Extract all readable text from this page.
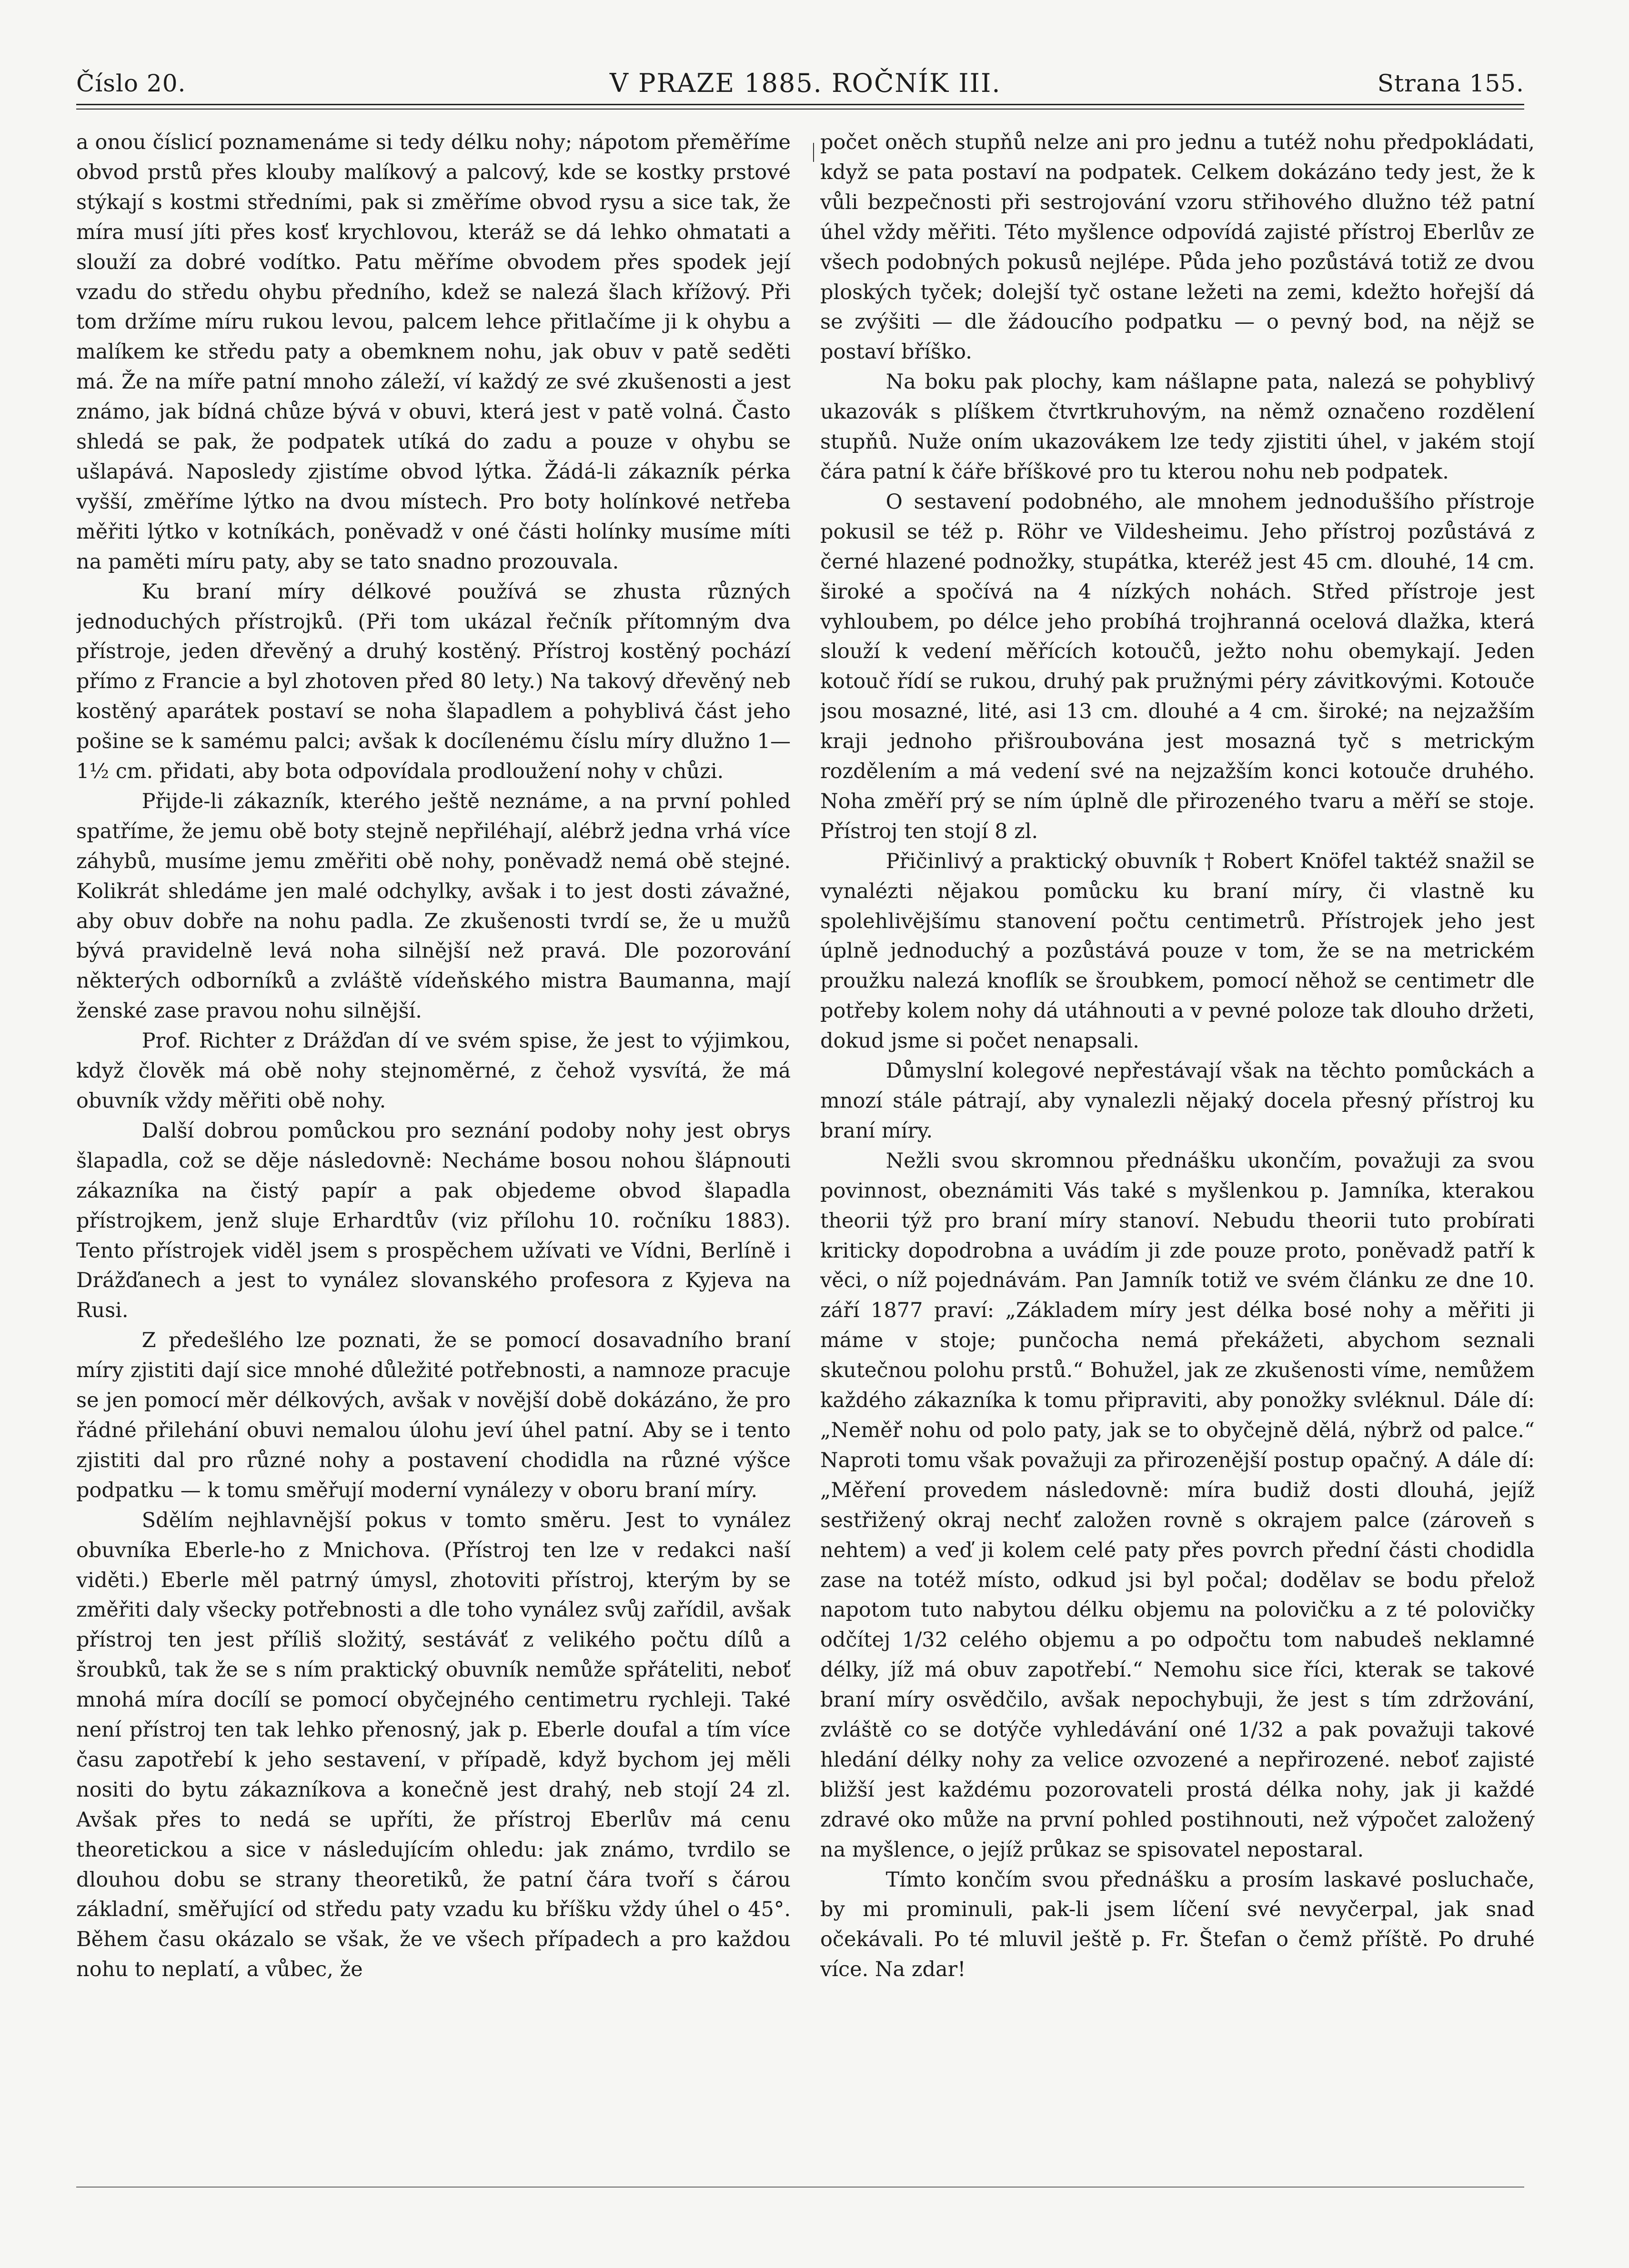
Číslo 20.	V PRAZE 1885. ROČNÍK III.	Strana 155.

a onou číslicí poznamenáme si tedy délku nohy; nápotom přeměříme obvod prstů přes klouby malíkový a palcový, kde se kostky prstové stýkají s kostmi středními, pak si změříme obvod rysu a sice tak, že míra musí jíti přes kosť krychlovou, kteráž se dá lehko ohmatati a slouží za dobré vodítko. Patu měříme obvodem přes spodek její vzadu do středu ohybu předního, kdež se nalezá šlach křížový. Při tom držíme míru rukou levou, palcem lehce přitlačíme ji k ohybu a malíkem ke středu paty a obemknem nohu, jak obuv v patě seděti má. Že na míře patní mnoho záleží, ví každý ze své zkušenosti a jest známo, jak bídná chůze bývá v obuvi, která jest v patě volná. Často shledá se pak, že podpatek utíká do zadu a pouze v ohybu se ušlapává. Naposledy zjistíme obvod lýtka. Žádá-li zákazník pérka vyšší, změříme lýtko na dvou místech. Pro boty holínkové netřeba měřiti lýtko v kotníkách, poněvadž v oné části holínky musíme míti na paměti míru paty, aby se tato snadno prozouvala.

Ku braní míry délkové používá se zhusta různých jednoduchých přístrojků. (Při tom ukázal řečník přítomným dva přístroje, jeden dřevěný a druhý kostěný. Přístroj kostěný pochází přímo z Francie a byl zhotoven před 80 lety.) Na takový dřevěný neb kostěný aparátek postaví se noha šlapadlem a pohyblivá část jeho pošine se k samému palci; avšak k docílenému číslu míry dlužno 1—1½ cm. přidati, aby bota odpovídala prodloužení nohy v chůzi.

Přijde-li zákazník, kterého ještě neznáme, a na první pohled spatříme, že jemu obě boty stejně nepřiléhají, alébrž jedna vrhá více záhybů, musíme jemu změřiti obě nohy, poněvadž nemá obě stejné. Kolikrát shledáme jen malé odchylky, avšak i to jest dosti závažné, aby obuv dobře na nohu padla. Ze zkušenosti tvrdí se, že u mužů bývá pravidelně levá noha silnější než pravá. Dle pozorování některých odborníků a zvláště vídeňského mistra Baumanna, mají ženské zase pravou nohu silnější.

Prof. Richter z Drážďan dí ve svém spise, že jest to výjimkou, když člověk má obě nohy stejnoměrné, z čehož vysvítá, že má obuvník vždy měřiti obě nohy.

Další dobrou pomůckou pro seznání podoby nohy jest obrys šlapadla, což se děje následovně: Necháme bosou nohou šlápnouti zákazníka na čistý papír a pak objedeme obvod šlapadla přístrojkem, jenž sluje Erhardtův (viz přílohu 10. ročníku 1883). Tento přístrojek viděl jsem s prospěchem užívati ve Vídni, Berlíně i Drážďanech a jest to vynález slovanského profesora z Kyjeva na Rusi.

Z předešlého lze poznati, že se pomocí dosavadního braní míry zjistiti dají sice mnohé důležité potřebnosti, a namnoze pracuje se jen pomocí měr délkových, avšak v novější době dokázáno, že pro řádné přilehání obuvi nemalou úlohu jeví úhel patní. Aby se i tento zjistiti dal pro různé nohy a postavení chodidla na různé výšce podpatku — k tomu směřují moderní vynálezy v oboru braní míry.

Sdělím nejhlavnější pokus v tomto směru. Jest to vynález obuvníka Eberle-ho z Mnichova. (Přístroj ten lze v redakci naší viděti.) Eberle měl patrný úmysl, zhotoviti přístroj, kterým by se změřiti daly všecky potřebnosti a dle toho vynález svůj zařídil, avšak přístroj ten jest příliš složitý, sestáváť z velikého počtu dílů a šroubků, tak že se s ním praktický obuvník nemůže spřáteliti, neboť mnohá míra docílí se pomocí obyčejného centimetru rychleji. Také není přístroj ten tak lehko přenosný, jak p. Eberle doufal a tím více času zapotřebí k jeho sestavení, v případě, když bychom jej měli nositi do bytu zákazníkova a konečně jest drahý, neb stojí 24 zl. Avšak přes to nedá se upříti, že přístroj Eberlův má cenu theoretickou a sice v následujícím ohledu: jak známo, tvrdilo se dlouhou dobu se strany theoretiků, že patní čára tvoří s čárou základní, směřující od středu paty vzadu ku bříšku vždy úhel o 45°. Během času okázalo se však, že ve všech případech a pro každou nohu to neplatí, a vůbec, že

počet oněch stupňů nelze ani pro jednu a tutéž nohu předpokládati, když se pata postaví na podpatek. Celkem dokázáno tedy jest, že k vůli bezpečnosti při sestrojování vzoru střihového dlužno též patní úhel vždy měřiti. Této myšlence odpovídá zajisté přístroj Eberlův ze všech podobných pokusů nejlépe. Půda jeho pozůstává totiž ze dvou ploských tyček; dolejší tyč ostane ležeti na zemi, kdežto hořejší dá se zvýšiti — dle žádoucího podpatku — o pevný bod, na nějž se postaví bříško.

Na boku pak plochy, kam nášlapne pata, nalezá se pohyblivý ukazovák s plíškem čtvrtkruhovým, na němž označeno rozdělení stupňů. Nuže oním ukazovákem lze tedy zjistiti úhel, v jakém stojí čára patní k čáře bříškové pro tu kterou nohu neb podpatek.

O sestavení podobného, ale mnohem jednoduššího přístroje pokusil se též p. Röhr ve Vildesheimu. Jeho přístroj pozůstává z černé hlazené podnožky, stupátka, kteréž jest 45 cm. dlouhé, 14 cm. široké a spočívá na 4 nízkých nohách. Střed přístroje jest vyhloubem, po délce jeho probíhá trojhranná ocelová dlažka, která slouží k vedení měřících kotoučů, ježto nohu obemykají. Jeden kotouč řídí se rukou, druhý pak pružnými péry závitkovými. Kotouče jsou mosazné, lité, asi 13 cm. dlouhé a 4 cm. široké; na nejzažším kraji jednoho přišroubována jest mosazná tyč s metrickým rozdělením a má vedení své na nejzažším konci kotouče druhého. Noha změří prý se ním úplně dle přirozeného tvaru a měří se stoje. Přístroj ten stojí 8 zl.

Přičinlivý a praktický obuvník † Robert Knöfel taktéž snažil se vynalézti nějakou pomůcku ku braní míry, či vlastně ku spolehlivějšímu stanovení počtu centimetrů. Přístrojek jeho jest úplně jednoduchý a pozůstává pouze v tom, že se na metrickém proužku nalezá knoflík se šroubkem, pomocí něhož se centimetr dle potřeby kolem nohy dá utáhnouti a v pevné poloze tak dlouho držeti, dokud jsme si počet nenapsali.

Důmyslní kolegové nepřestávají však na těchto pomůckách a mnozí stále pátrají, aby vynalezli nějaký docela přesný přístroj ku braní míry.

Nežli svou skromnou přednášku ukončím, považuji za svou povinnost, obeznámiti Vás také s myšlenkou p. Jamníka, kterakou theorii týž pro braní míry stanoví. Nebudu theorii tuto probírati kriticky dopodrobna a uvádím ji zde pouze proto, poněvadž patří k věci, o níž pojednávám. Pan Jamník totiž ve svém článku ze dne 10. září 1877 praví: „Základem míry jest délka bosé nohy a měřiti ji máme v stoje; punčocha nemá překážeti, abychom seznali skutečnou polohu prstů.“ Bohužel, jak ze zkušenosti víme, nemůžem každého zákazníka k tomu připraviti, aby ponožky svléknul. Dále dí: „Neměř nohu od polo paty, jak se to obyčejně dělá, nýbrž od palce.“ Naproti tomu však považuji za přirozenější postup opačný. A dále dí: „Měření provedem následovně: míra budiž dosti dlouhá, jejíž sestřižený okraj nechť založen rovně s okrajem palce (zároveň s nehtem) a veď ji kolem celé paty přes povrch přední části chodidla zase na totéž místo, odkud jsi byl počal; dodělav se bodu přelož napotom tuto nabytou délku objemu na polovičku a z té polovičky odčítej 1/32 celého objemu a po odpočtu tom nabudeš neklamné délky, jíž má obuv zapotřebí.“ Nemohu sice říci, kterak se takové braní míry osvědčilo, avšak nepochybuji, že jest s tím zdržování, zvláště co se dotýče vyhledávání oné 1/32 a pak považuji takové hledání délky nohy za velice ozvozené a nepřirozené. neboť zajisté bližší jest každému pozorovateli prostá délka nohy, jak ji každé zdravé oko může na první pohled postihnouti, než výpočet založený na myšlence, o jejíž průkaz se spisovatel nepostaral.

Tímto končím svou přednášku a prosím laskavé posluchače, by mi prominuli, pak-li jsem líčení své nevyčerpal, jak snad očekávali. Po té mluvil ještě p. Fr. Štefan o čemž příště. Po druhé více. Na zdar!
